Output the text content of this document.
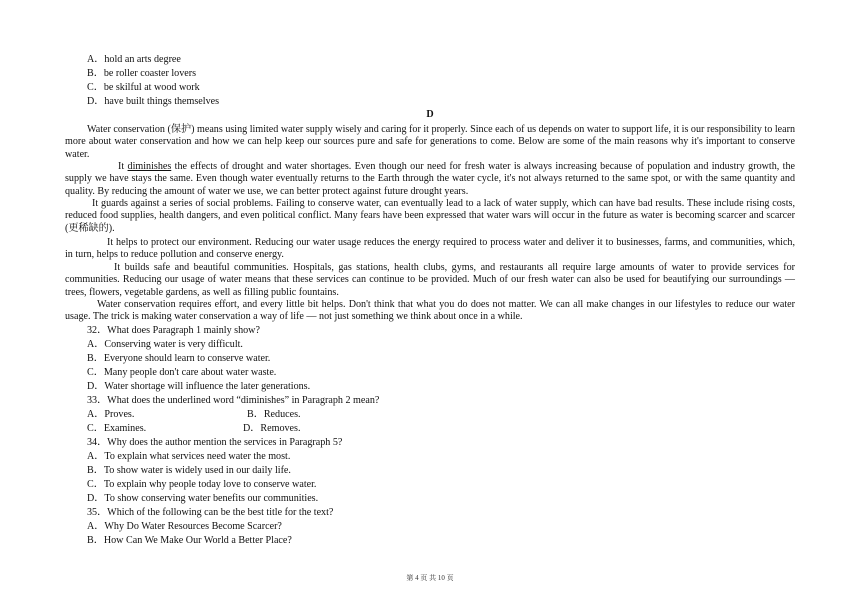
A．hold an arts degree
B．be roller coaster lovers
C．be skilful at wood work
D．have built things themselves
D

Water conservation (保护) means using limited water supply wisely and caring for it properly. Since each of us depends on water to support life, it is our responsibility to learn more about water conservation and how we can help keep our sources pure and safe for generations to come. Below are some of the main reasons why it's important to conserve water.

It diminishes the effects of drought and water shortages. Even though our need for fresh water is always increasing because of population and industry growth, the supply we have stays the same. Even though water eventually returns to the Earth through the water cycle, it's not always returned to the same spot, or with the same quantity and quality. By reducing the amount of water we use, we can better protect against future drought years.

It guards against a series of social problems. Failing to conserve water, can eventually lead to a lack of water supply, which can have bad results. These include rising costs, reduced food supplies, health dangers, and even political conflict. Many fears have been expressed that water wars will occur in the future as water is becoming scarcer and scarcer (更稀缺的).

It helps to protect our environment. Reducing our water usage reduces the energy required to process water and deliver it to businesses, farms, and communities, which, in turn, helps to reduce pollution and conserve energy.

It builds safe and beautiful communities. Hospitals, gas stations, health clubs, gyms, and restaurants all require large amounts of water to provide services for communities. Reducing our usage of water means that these services can continue to be provided. Much of our fresh water can also be used for beautifying our surroundings — trees, flowers, vegetable gardens, as well as filling public fountains.

Water conservation requires effort, and every little bit helps. Don't think that what you do does not matter. We can all make changes in our lifestyles to reduce our water usage. The trick is making water conservation a way of life — not just something we think about once in a while.

32．What does Paragraph 1 mainly show?
A．Conserving water is very difficult.
B．Everyone should learn to conserve water.
C．Many people don't care about water waste.
D．Water shortage will influence the later generations.
33．What does the underlined word “diminishes” in Paragraph 2 mean?
A．Proves.	B．Reduces.
C．Examines.	D．Removes.
34．Why does the author mention the services in Paragraph 5?
A．To explain what services need water the most.
B．To show water is widely used in our daily life.
C．To explain why people today love to conserve water.
D．To show conserving water benefits our communities.
35．Which of the following can be the best title for the text?
A．Why Do Water Resources Become Scarcer?
B．How Can We Make Our World a Better Place?
第 4 页 共 10 页
